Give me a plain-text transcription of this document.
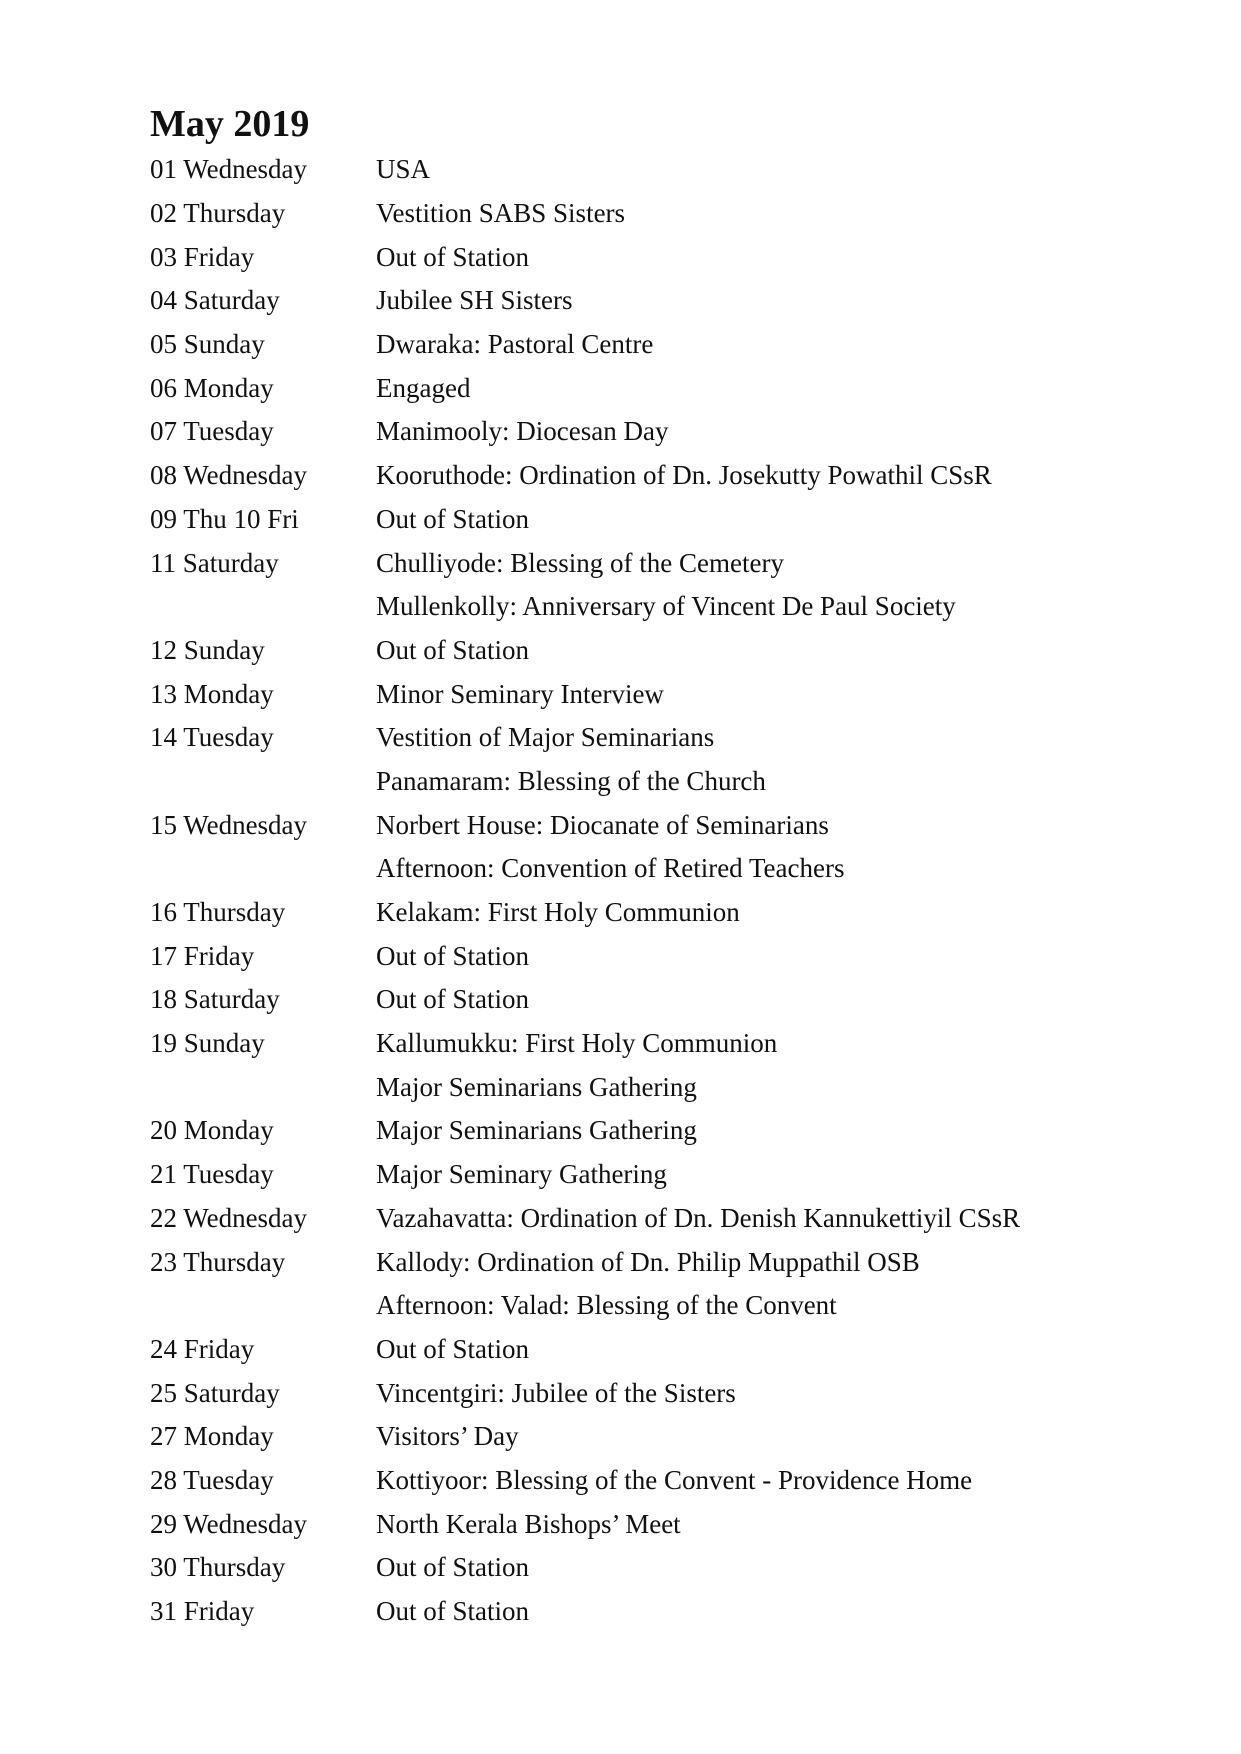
May 2019
01 Wednesday	USA
02 Thursday	Vestition SABS Sisters
03 Friday	Out of Station
04 Saturday	Jubilee SH Sisters
05 Sunday	Dwaraka: Pastoral Centre
06 Monday	Engaged
07 Tuesday	Manimooly: Diocesan Day
08 Wednesday	Kooruthode: Ordination of Dn. Josekutty Powathil CSsR
09 Thu 10 Fri	Out of Station
11 Saturday	Chulliyode: Blessing of the Cemetery
Mullenkolly: Anniversary of Vincent De Paul Society
12 Sunday	Out of Station
13 Monday	Minor Seminary Interview
14 Tuesday	Vestition of Major Seminarians
Panamaram: Blessing of the Church
15 Wednesday	Norbert House: Diocanate of Seminarians
Afternoon: Convention of Retired Teachers
16 Thursday	Kelakam: First Holy Communion
17 Friday	Out of Station
18 Saturday	Out of Station
19 Sunday	Kallumukku: First Holy Communion
Major Seminarians Gathering
20 Monday	Major Seminarians Gathering
21 Tuesday	Major Seminary Gathering
22 Wednesday	Vazahavatta: Ordination of Dn. Denish Kannukettiyil CSsR
23 Thursday	Kallody: Ordination of Dn. Philip Muppathil OSB
Afternoon: Valad: Blessing of the Convent
24 Friday	Out of Station
25 Saturday	Vincentgiri: Jubilee of the Sisters
27 Monday	Visitors’ Day
28 Tuesday	Kottiyoor: Blessing of the Convent - Providence Home
29 Wednesday	North Kerala Bishops’ Meet
30 Thursday	Out of Station
31 Friday	Out of Station
